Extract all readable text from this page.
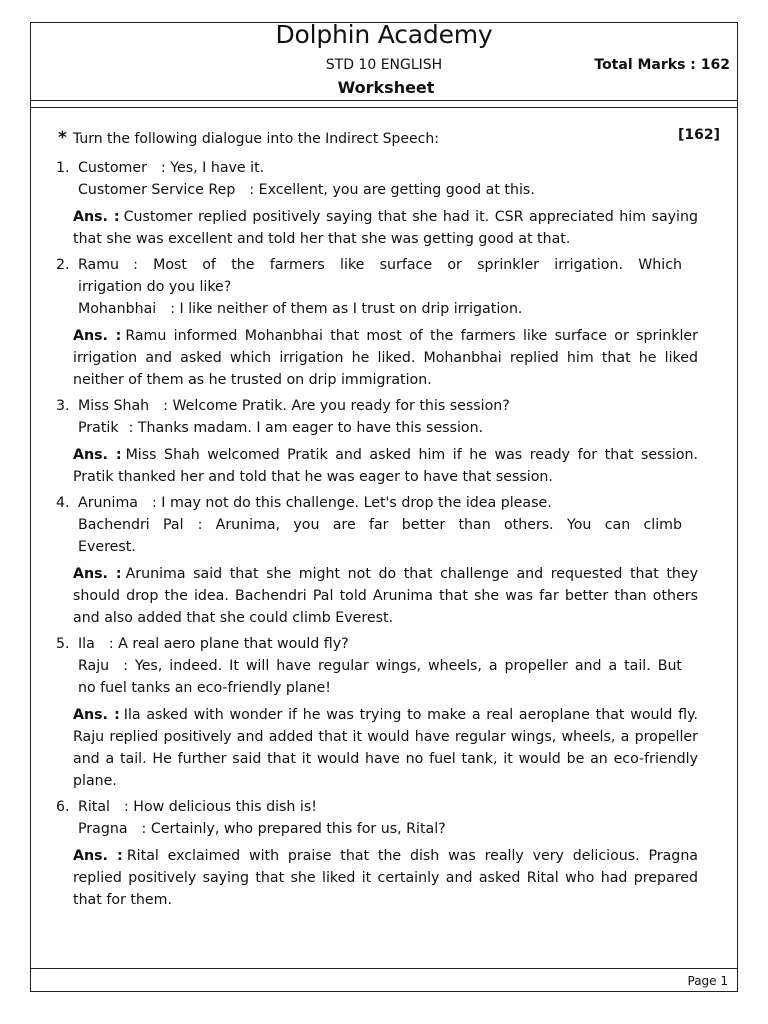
Dolphin Academy
STD 10 ENGLISH	Total Marks : 162
Worksheet
* Turn the following dialogue into the Indirect Speech:	[162]
1. Customer : Yes, I have it.
Customer Service Rep : Excellent, you are getting good at this.
Ans. : Customer replied positively saying that she had it. CSR appreciated him saying that she was excellent and told her that she was getting good at that.
2. Ramu : Most of the farmers like surface or sprinkler irrigation. Which
irrigation do you like?
Mohanbhai : I like neither of them as I trust on drip irrigation.
Ans. : Ramu informed Mohanbhai that most of the farmers like surface or sprinkler irrigation and asked which irrigation he liked. Mohanbhai replied him that he liked neither of them as he trusted on drip immigration.
3. Miss Shah : Welcome Pratik. Are you ready for this session?
Pratik : Thanks madam. I am eager to have this session.
Ans. : Miss Shah welcomed Pratik and asked him if he was ready for that session. Pratik thanked her and told that he was eager to have that session.
4. Arunima : I may not do this challenge. Let's drop the idea please.
Bachendri Pal : Arunima, you are far better than others. You can climb
Everest.
Ans. : Arunima said that she might not do that challenge and requested that they should drop the idea. Bachendri Pal told Arunima that she was far better than others and also added that she could climb Everest.
5. Ila : A real aero plane that would fly?
Raju : Yes, indeed. It will have regular wings, wheels, a propeller and a tail. But
no fuel tanks an eco-friendly plane!
Ans. : Ila asked with wonder if he was trying to make a real aeroplane that would fly. Raju replied positively and added that it would have regular wings, wheels, a propeller and a tail. He further said that it would have no fuel tank, it would be an eco-friendly plane.
6. Rital : How delicious this dish is!
Pragna : Certainly, who prepared this for us, Rital?
Ans. : Rital exclaimed with praise that the dish was really very delicious. Pragna replied positively saying that she liked it certainly and asked Rital who had prepared that for them.
Page 1
